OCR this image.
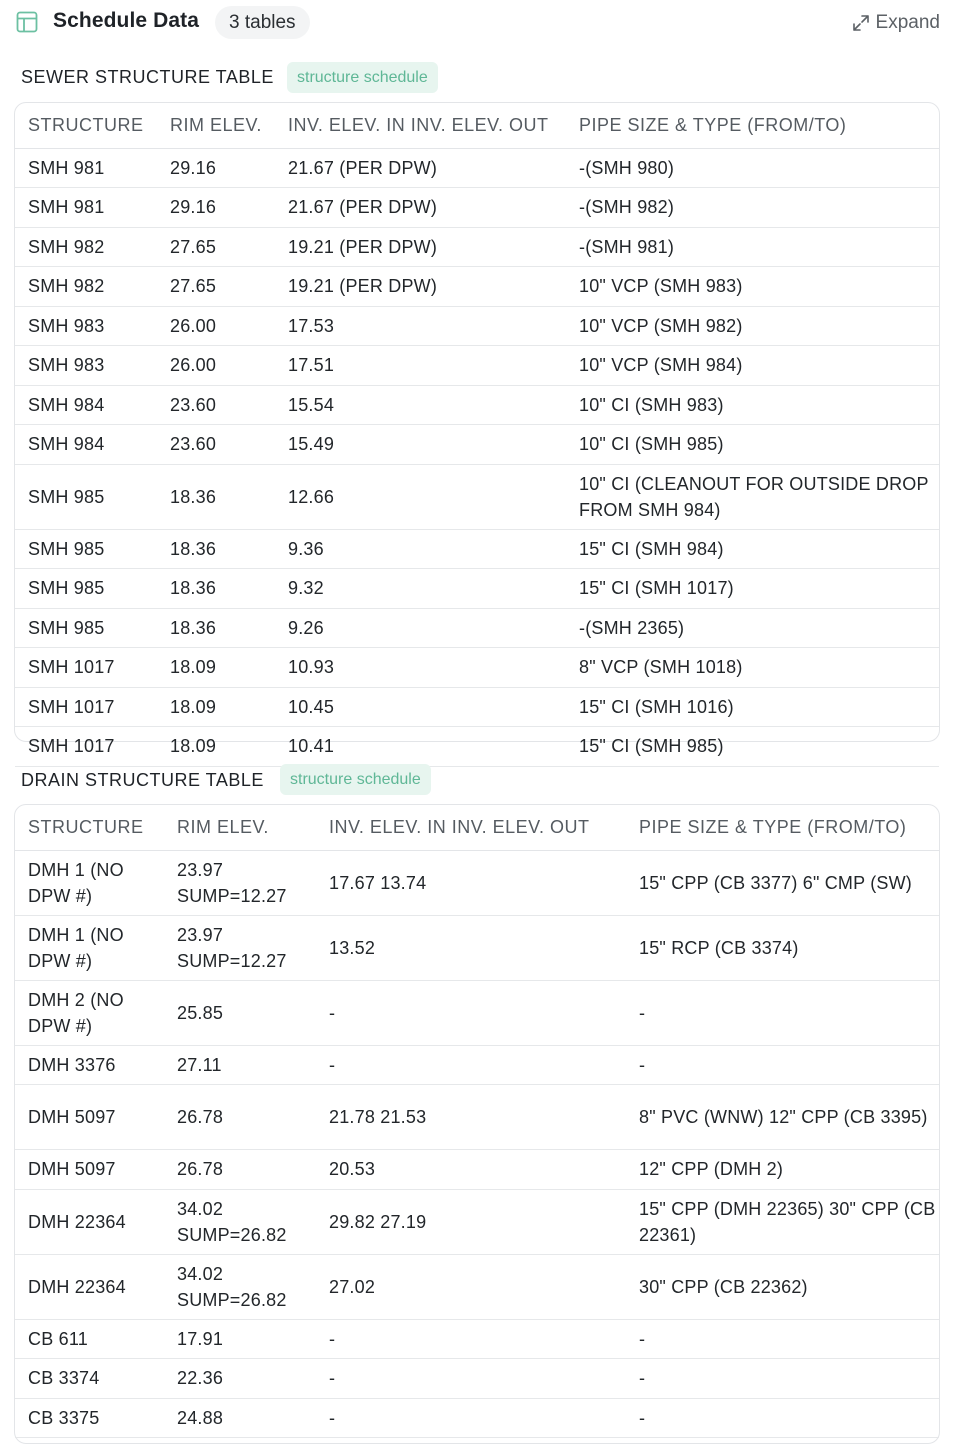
Schedule Data	3 tables	Expand
SEWER STRUCTURE TABLE	structure schedule
STRUCTURE	RIM ELEV.	INV. ELEV. IN INV. ELEV. OUT	PIPE SIZE & TYPE (FROM/TO)
SMH 981	29.16	21.67 (PER DPW)	-(SMH 980)
SMH 981	29.16	21.67 (PER DPW)	-(SMH 982)
SMH 982	27.65	19.21 (PER DPW)	-(SMH 981)
SMH 982	27.65	19.21 (PER DPW)	10" VCP (SMH 983)
SMH 983	26.00	17.53	10" VCP (SMH 982)
SMH 983	26.00	17.51	10" VCP (SMH 984)
SMH 984	23.60	15.54	10" CI (SMH 983)
SMH 984	23.60	15.49	10" CI (SMH 985)
SMH 985	18.36	12.66	10" CI (CLEANOUT FOR OUTSIDE DROP FROM SMH 984)
SMH 985	18.36	9.36	15" CI (SMH 984)
SMH 985	18.36	9.32	15" CI (SMH 1017)
SMH 985	18.36	9.26	-(SMH 2365)
SMH 1017	18.09	10.93	8" VCP (SMH 1018)
SMH 1017	18.09	10.45	15" CI (SMH 1016)
SMH 1017	18.09	10.41	15" CI (SMH 985)
DRAIN STRUCTURE TABLE	structure schedule
STRUCTURE	RIM ELEV.	INV. ELEV. IN INV. ELEV. OUT	PIPE SIZE & TYPE (FROM/TO)
DMH 1 (NO DPW #)	23.97 SUMP=12.27	17.67 13.74	15" CPP (CB 3377) 6" CMP (SW)
DMH 1 (NO DPW #)	23.97 SUMP=12.27	13.52	15" RCP (CB 3374)
DMH 2 (NO DPW #)	25.85	-	-
DMH 3376	27.11	-	-
DMH 5097	26.78	21.78 21.53	8" PVC (WNW) 12" CPP (CB 3395)
DMH 5097	26.78	20.53	12" CPP (DMH 2)
DMH 22364	34.02 SUMP=26.82	29.82 27.19	15" CPP (DMH 22365) 30" CPP (CB 22361)
DMH 22364	34.02 SUMP=26.82	27.02	30" CPP (CB 22362)
CB 611	17.91	-	-
CB 3374	22.36	-	-
CB 3375	24.88	-	-
